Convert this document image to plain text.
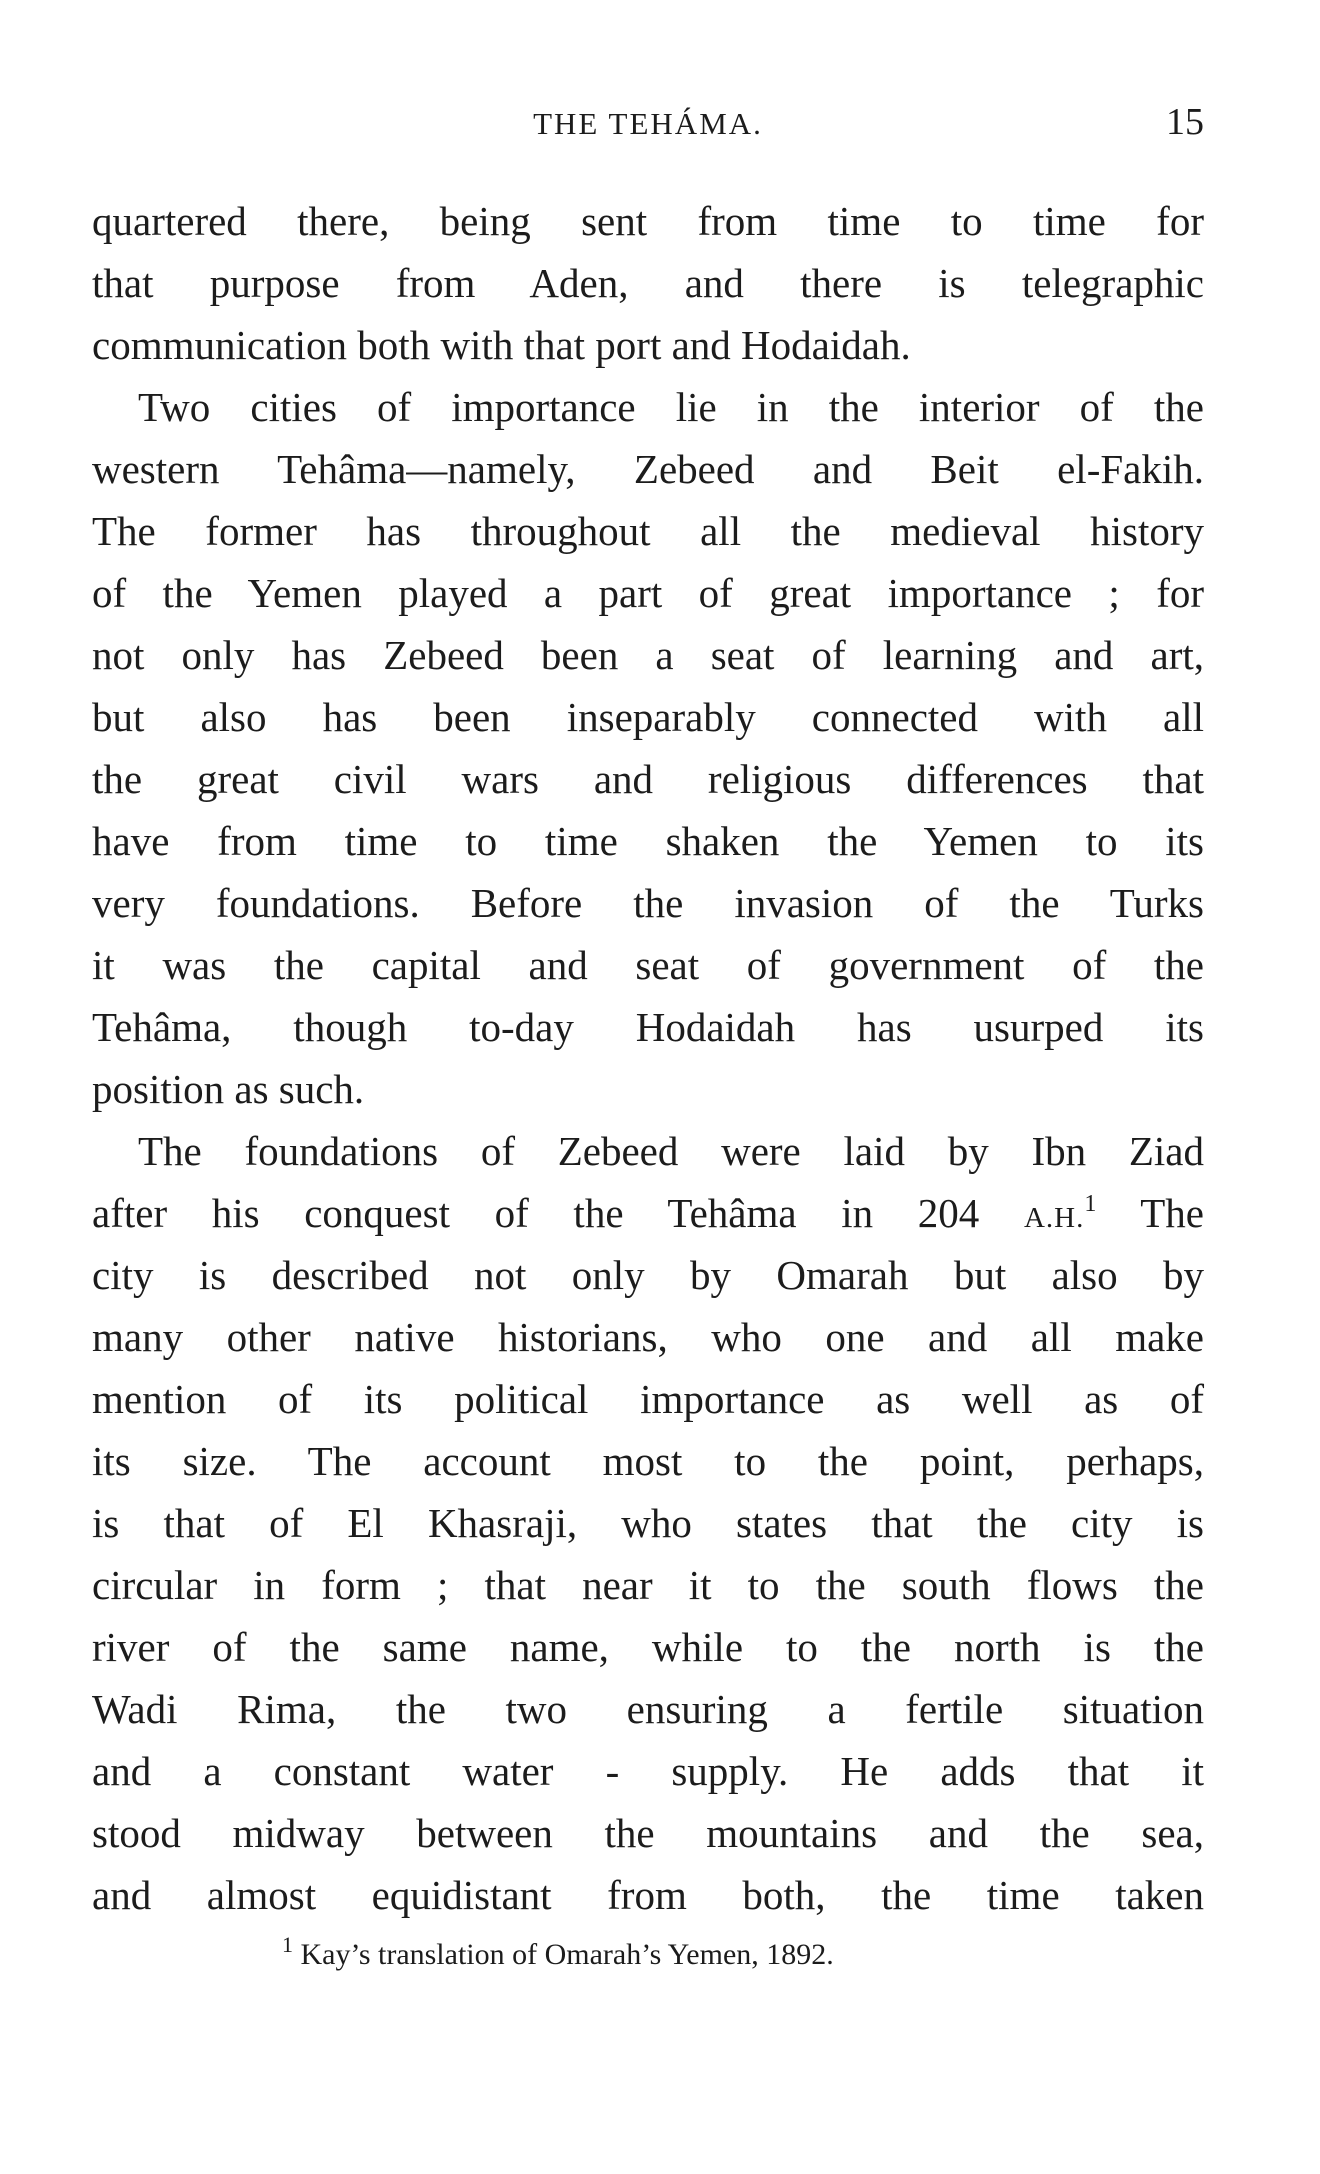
THE TEHÁMA.	15
quartered there, being sent from time to time for
that purpose from Aden, and there is telegraphic
communication both with that port and Hodaidah.
Two cities of importance lie in the interior of the
western Tehâma—namely, Zebeed and Beit el-Fakih.
The former has throughout all the medieval history
of the Yemen played a part of great importance ; for
not only has Zebeed been a seat of learning and art,
but also has been inseparably connected with all
the great civil wars and religious differences that
have from time to time shaken the Yemen to its
very foundations. Before the invasion of the Turks
it was the capital and seat of government of the
Tehâma, though to-day Hodaidah has usurped its
position as such.
The foundations of Zebeed were laid by Ibn Ziad
after his conquest of the Tehâma in 204 A.H.$^1$ The
city is described not only by Omarah but also by
many other native historians, who one and all make
mention of its political importance as well as of
its size. The account most to the point, perhaps,
is that of El Khasraji, who states that the city is
circular in form ; that near it to the south flows the
river of the same name, while to the north is the
Wadi Rima, the two ensuring a fertile situation
and a constant water - supply. He adds that it
stood midway between the mountains and the sea,
and almost equidistant from both, the time taken
$^1$ Kay’s translation of Omarah’s Yemen, 1892.
